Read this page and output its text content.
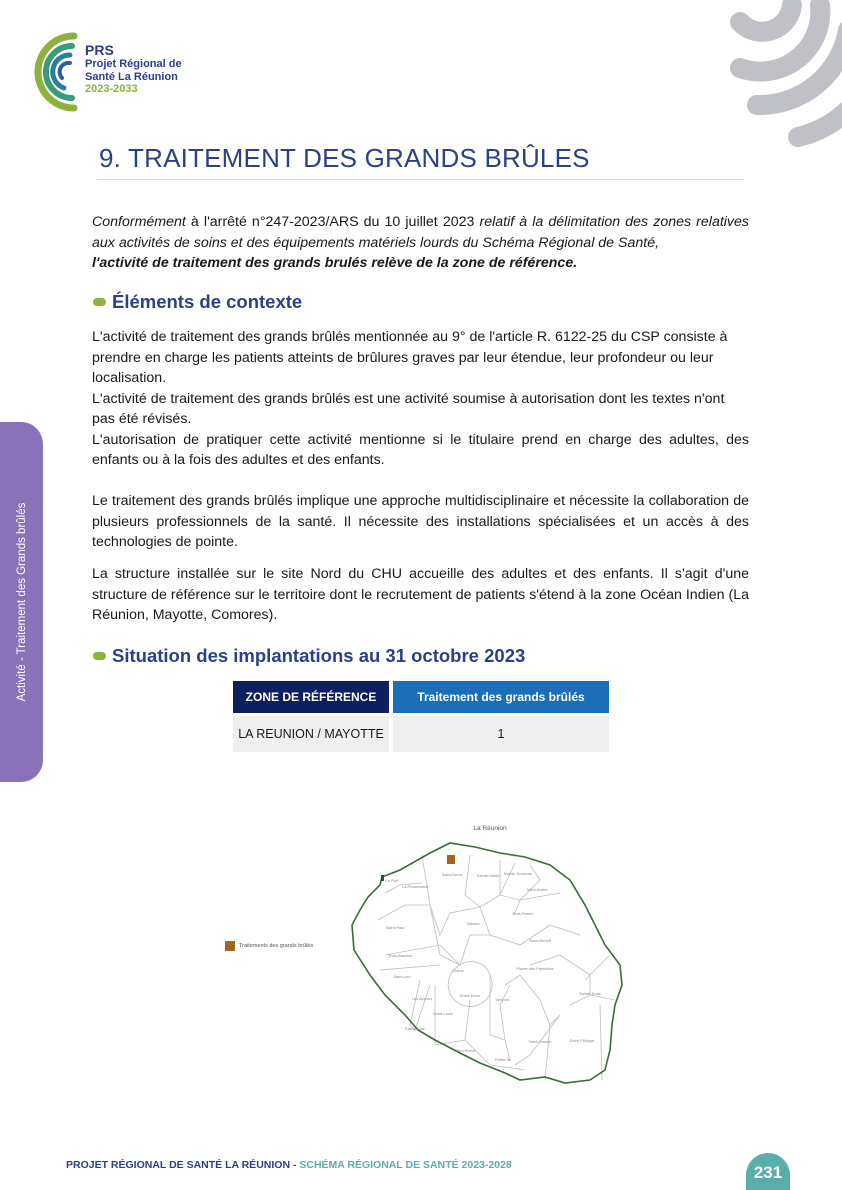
PRS
Projet Régional de
Santé La Réunion
2023-2033
Activité - Traitement des Grands brûlés
9. TRAITEMENT DES GRANDS BRÛLES

Conformément à l'arrêté n°247-2023/ARS du 10 juillet 2023 relatif à la délimitation des zones relatives aux activités de soins et des équipements matériels lourds du Schéma Régional de Santé,
l'activité de traitement des grands brulés relève de la zone de référence.

Éléments de contexte

L'activité de traitement des grands brûlés mentionnée au 9° de l'article R. 6122-25 du CSP consiste à prendre en charge les patients atteints de brûlures graves par leur étendue, leur profondeur ou leur localisation.

L'activité de traitement des grands brûlés est une activité soumise à autorisation dont les textes n'ont pas été révisés.

L'autorisation de pratiquer cette activité mentionne si le titulaire prend en charge des adultes, des enfants ou à la fois des adultes et des enfants.

Le traitement des grands brûlés implique une approche multidisciplinaire et nécessite la collaboration de plusieurs professionnels de la santé. Il nécessite des installations spécialisées et un accès à des technologies de pointe.

La structure installée sur le site Nord du CHU accueille des adultes et des enfants. Il s'agit d'une structure de référence sur le territoire dont le recrutement de patients s'étend à la zone Océan Indien (La Réunion, Mayotte, Comores).

Situation des implantations au 31 octobre 2023
ZONE DE RÉFÉRENCE	Traitement des grands brûlés

LA REUNION / MAYOTTE	1
Traitements des grands brûlés
La Réunion
Le Port
La Possession
Saint-Denis	Sainte-Marie Sainte-Suzanne
Saint-André
Bras-Panon
Salazie
Saint-Paul
Saint-Benoît
Trois-Bassins
Cilaos
Saint-Leu
Plaine des Palmistes
Les Avirons
Entre-Deux
Tampon
Sainte-Rose
Saint-Louis
Etang-Salé
Saint-Pierre
Petite-Île
Saint-Joseph	Saint-Philippe
PROJET RÉGIONAL DE SANTÉ LA RÉUNION - SCHÉMA RÉGIONAL DE SANTÉ 2023-2028	231
